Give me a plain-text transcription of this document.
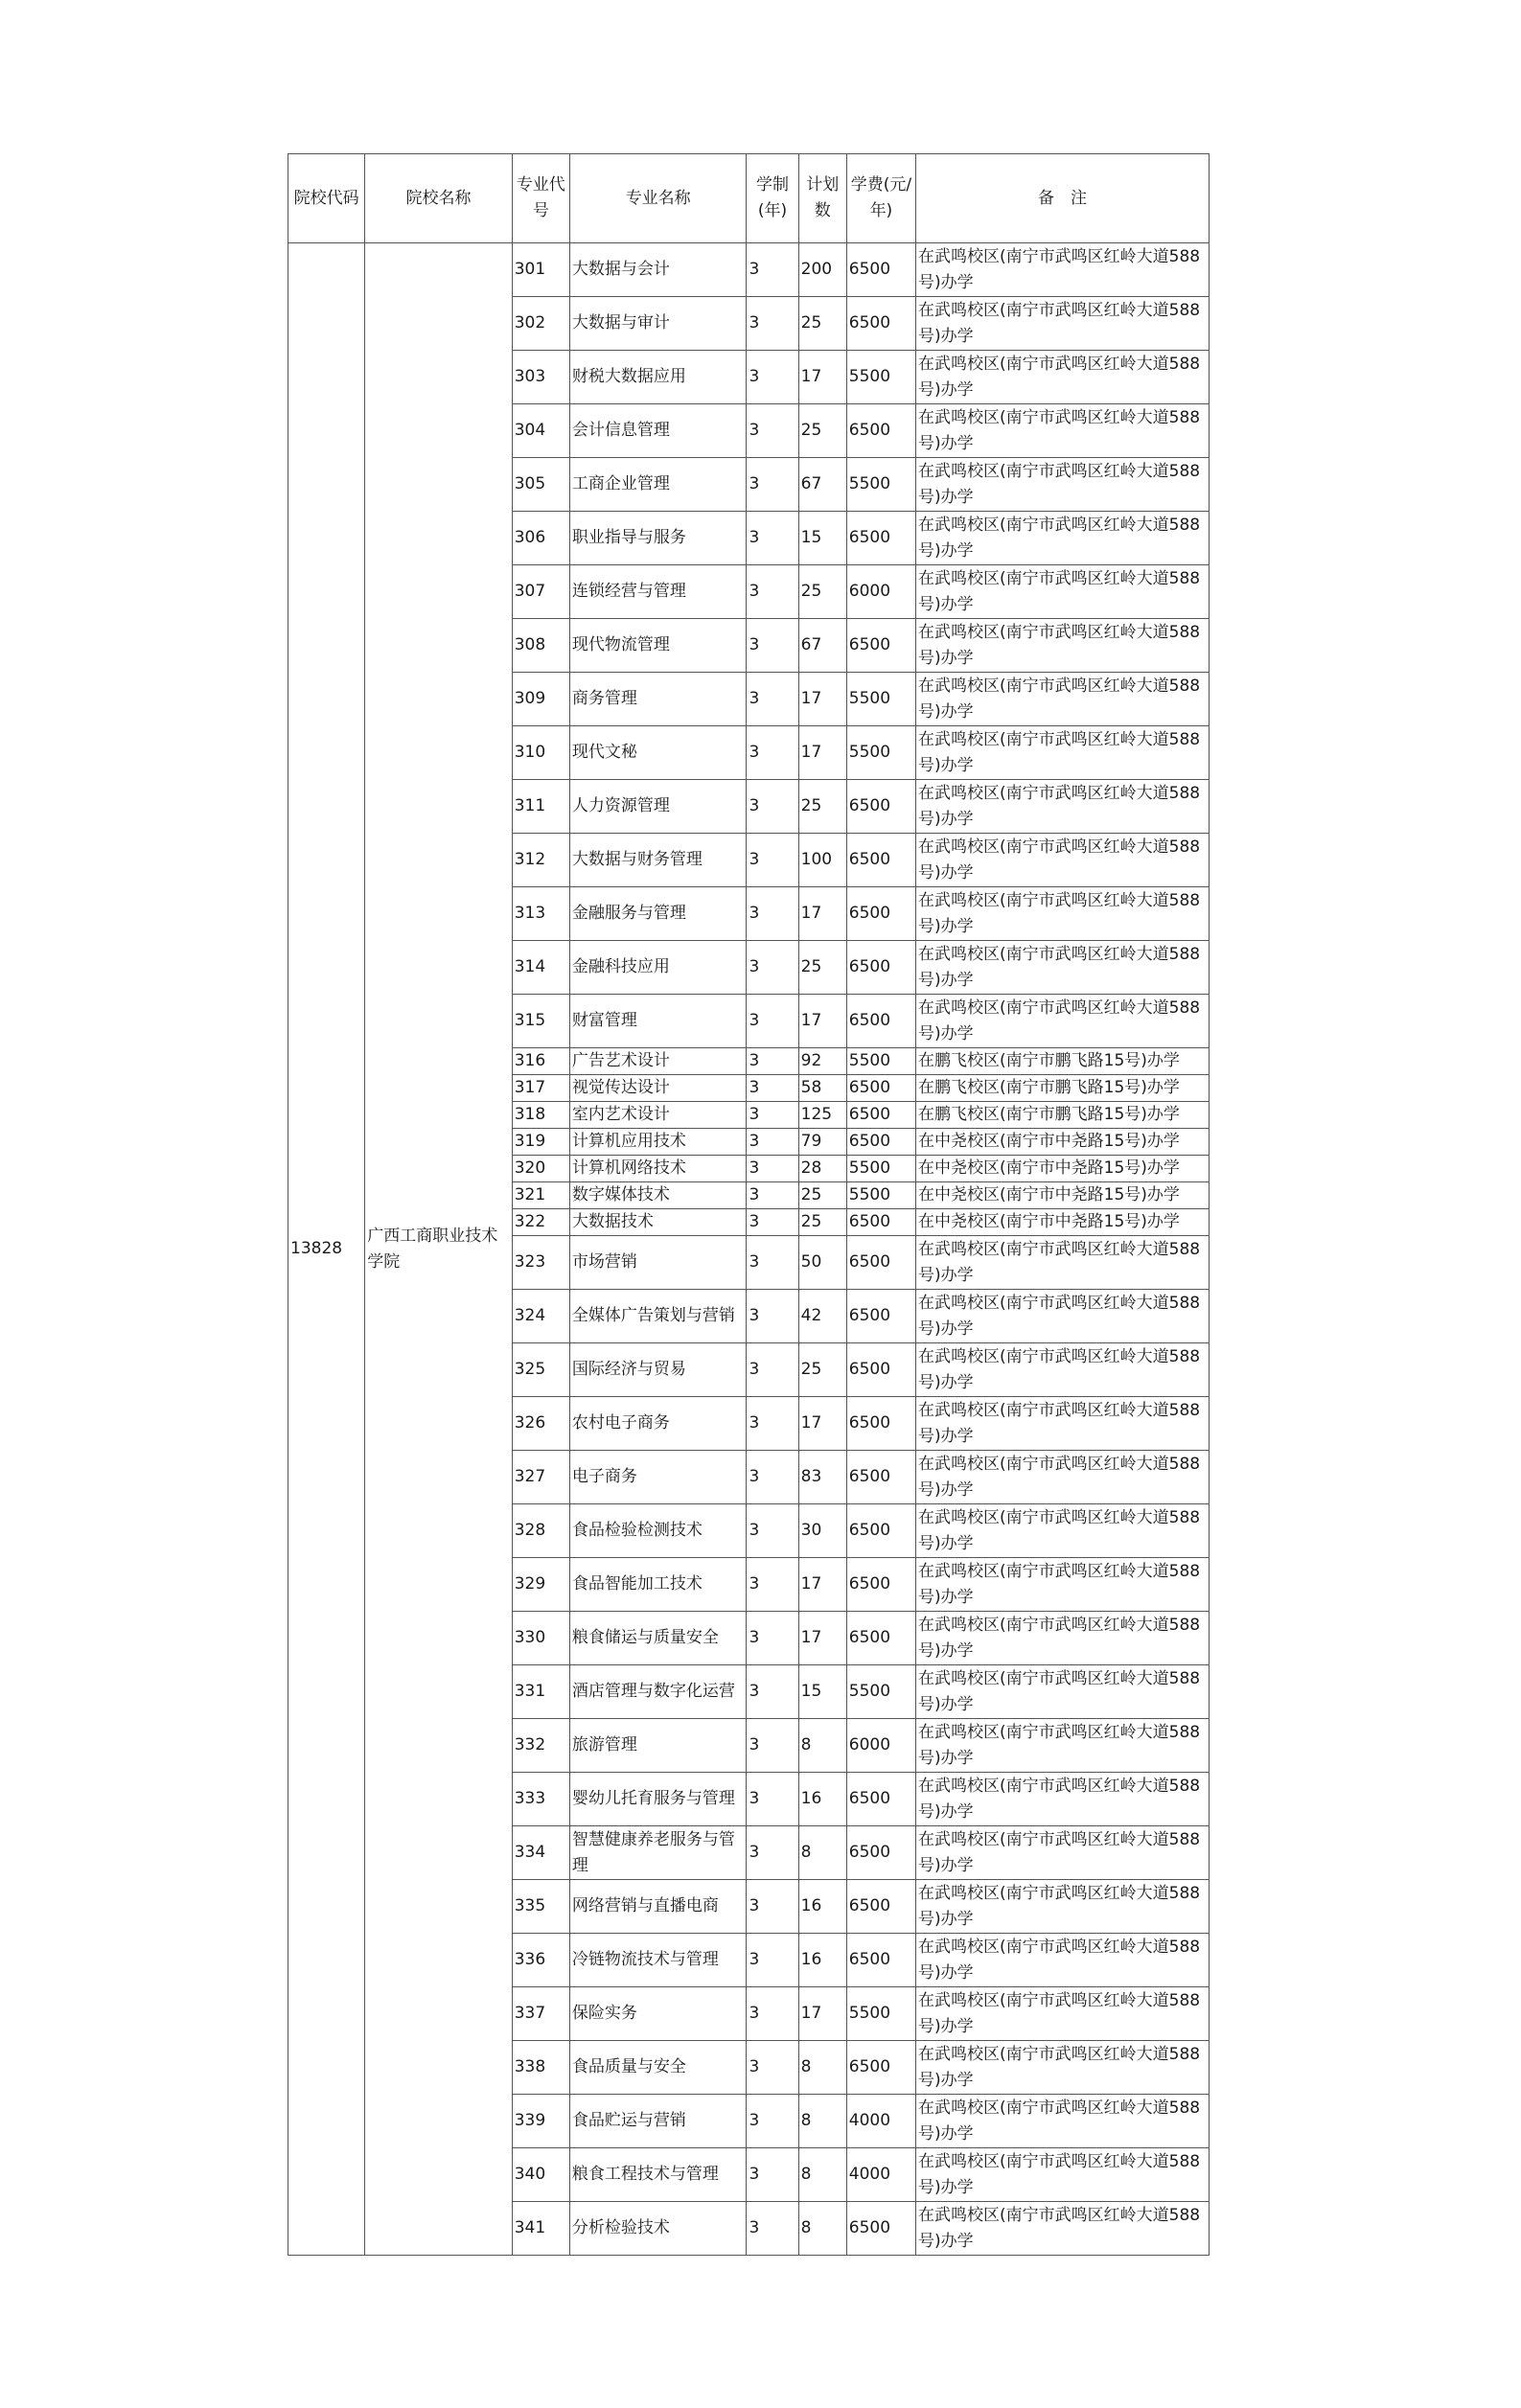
院校代码	院校名称	专业代号	专业名称	学制(年)	计划数	学费(元/年)	备　注
13828	广西工商职业技术学院	301	大数据与会计	3	200	6500	在武鸣校区(南宁市武鸣区红岭大道588号)办学
		302	大数据与审计	3	25	6500	在武鸣校区(南宁市武鸣区红岭大道588号)办学
		303	财税大数据应用	3	17	5500	在武鸣校区(南宁市武鸣区红岭大道588号)办学
		304	会计信息管理	3	25	6500	在武鸣校区(南宁市武鸣区红岭大道588号)办学
		305	工商企业管理	3	67	5500	在武鸣校区(南宁市武鸣区红岭大道588号)办学
		306	职业指导与服务	3	15	6500	在武鸣校区(南宁市武鸣区红岭大道588号)办学
		307	连锁经营与管理	3	25	6000	在武鸣校区(南宁市武鸣区红岭大道588号)办学
		308	现代物流管理	3	67	6500	在武鸣校区(南宁市武鸣区红岭大道588号)办学
		309	商务管理	3	17	5500	在武鸣校区(南宁市武鸣区红岭大道588号)办学
		310	现代文秘	3	17	5500	在武鸣校区(南宁市武鸣区红岭大道588号)办学
		311	人力资源管理	3	25	6500	在武鸣校区(南宁市武鸣区红岭大道588号)办学
		312	大数据与财务管理	3	100	6500	在武鸣校区(南宁市武鸣区红岭大道588号)办学
		313	金融服务与管理	3	17	6500	在武鸣校区(南宁市武鸣区红岭大道588号)办学
		314	金融科技应用	3	25	6500	在武鸣校区(南宁市武鸣区红岭大道588号)办学
		315	财富管理	3	17	6500	在武鸣校区(南宁市武鸣区红岭大道588号)办学
		316	广告艺术设计	3	92	5500	在鹏飞校区(南宁市鹏飞路15号)办学
		317	视觉传达设计	3	58	6500	在鹏飞校区(南宁市鹏飞路15号)办学
		318	室内艺术设计	3	125	6500	在鹏飞校区(南宁市鹏飞路15号)办学
		319	计算机应用技术	3	79	6500	在中尧校区(南宁市中尧路15号)办学
		320	计算机网络技术	3	28	5500	在中尧校区(南宁市中尧路15号)办学
		321	数字媒体技术	3	25	5500	在中尧校区(南宁市中尧路15号)办学
		322	大数据技术	3	25	6500	在中尧校区(南宁市中尧路15号)办学
		323	市场营销	3	50	6500	在武鸣校区(南宁市武鸣区红岭大道588号)办学
		324	全媒体广告策划与营销	3	42	6500	在武鸣校区(南宁市武鸣区红岭大道588号)办学
		325	国际经济与贸易	3	25	6500	在武鸣校区(南宁市武鸣区红岭大道588号)办学
		326	农村电子商务	3	17	6500	在武鸣校区(南宁市武鸣区红岭大道588号)办学
		327	电子商务	3	83	6500	在武鸣校区(南宁市武鸣区红岭大道588号)办学
		328	食品检验检测技术	3	30	6500	在武鸣校区(南宁市武鸣区红岭大道588号)办学
		329	食品智能加工技术	3	17	6500	在武鸣校区(南宁市武鸣区红岭大道588号)办学
		330	粮食储运与质量安全	3	17	6500	在武鸣校区(南宁市武鸣区红岭大道588号)办学
		331	酒店管理与数字化运营	3	15	5500	在武鸣校区(南宁市武鸣区红岭大道588号)办学
		332	旅游管理	3	8	6000	在武鸣校区(南宁市武鸣区红岭大道588号)办学
		333	婴幼儿托育服务与管理	3	16	6500	在武鸣校区(南宁市武鸣区红岭大道588号)办学
		334	智慧健康养老服务与管理	3	8	6500	在武鸣校区(南宁市武鸣区红岭大道588号)办学
		335	网络营销与直播电商	3	16	6500	在武鸣校区(南宁市武鸣区红岭大道588号)办学
		336	冷链物流技术与管理	3	16	6500	在武鸣校区(南宁市武鸣区红岭大道588号)办学
		337	保险实务	3	17	5500	在武鸣校区(南宁市武鸣区红岭大道588号)办学
		338	食品质量与安全	3	8	6500	在武鸣校区(南宁市武鸣区红岭大道588号)办学
		339	食品贮运与营销	3	8	4000	在武鸣校区(南宁市武鸣区红岭大道588号)办学
		340	粮食工程技术与管理	3	8	4000	在武鸣校区(南宁市武鸣区红岭大道588号)办学
		341	分析检验技术	3	8	6500	在武鸣校区(南宁市武鸣区红岭大道588号)办学
